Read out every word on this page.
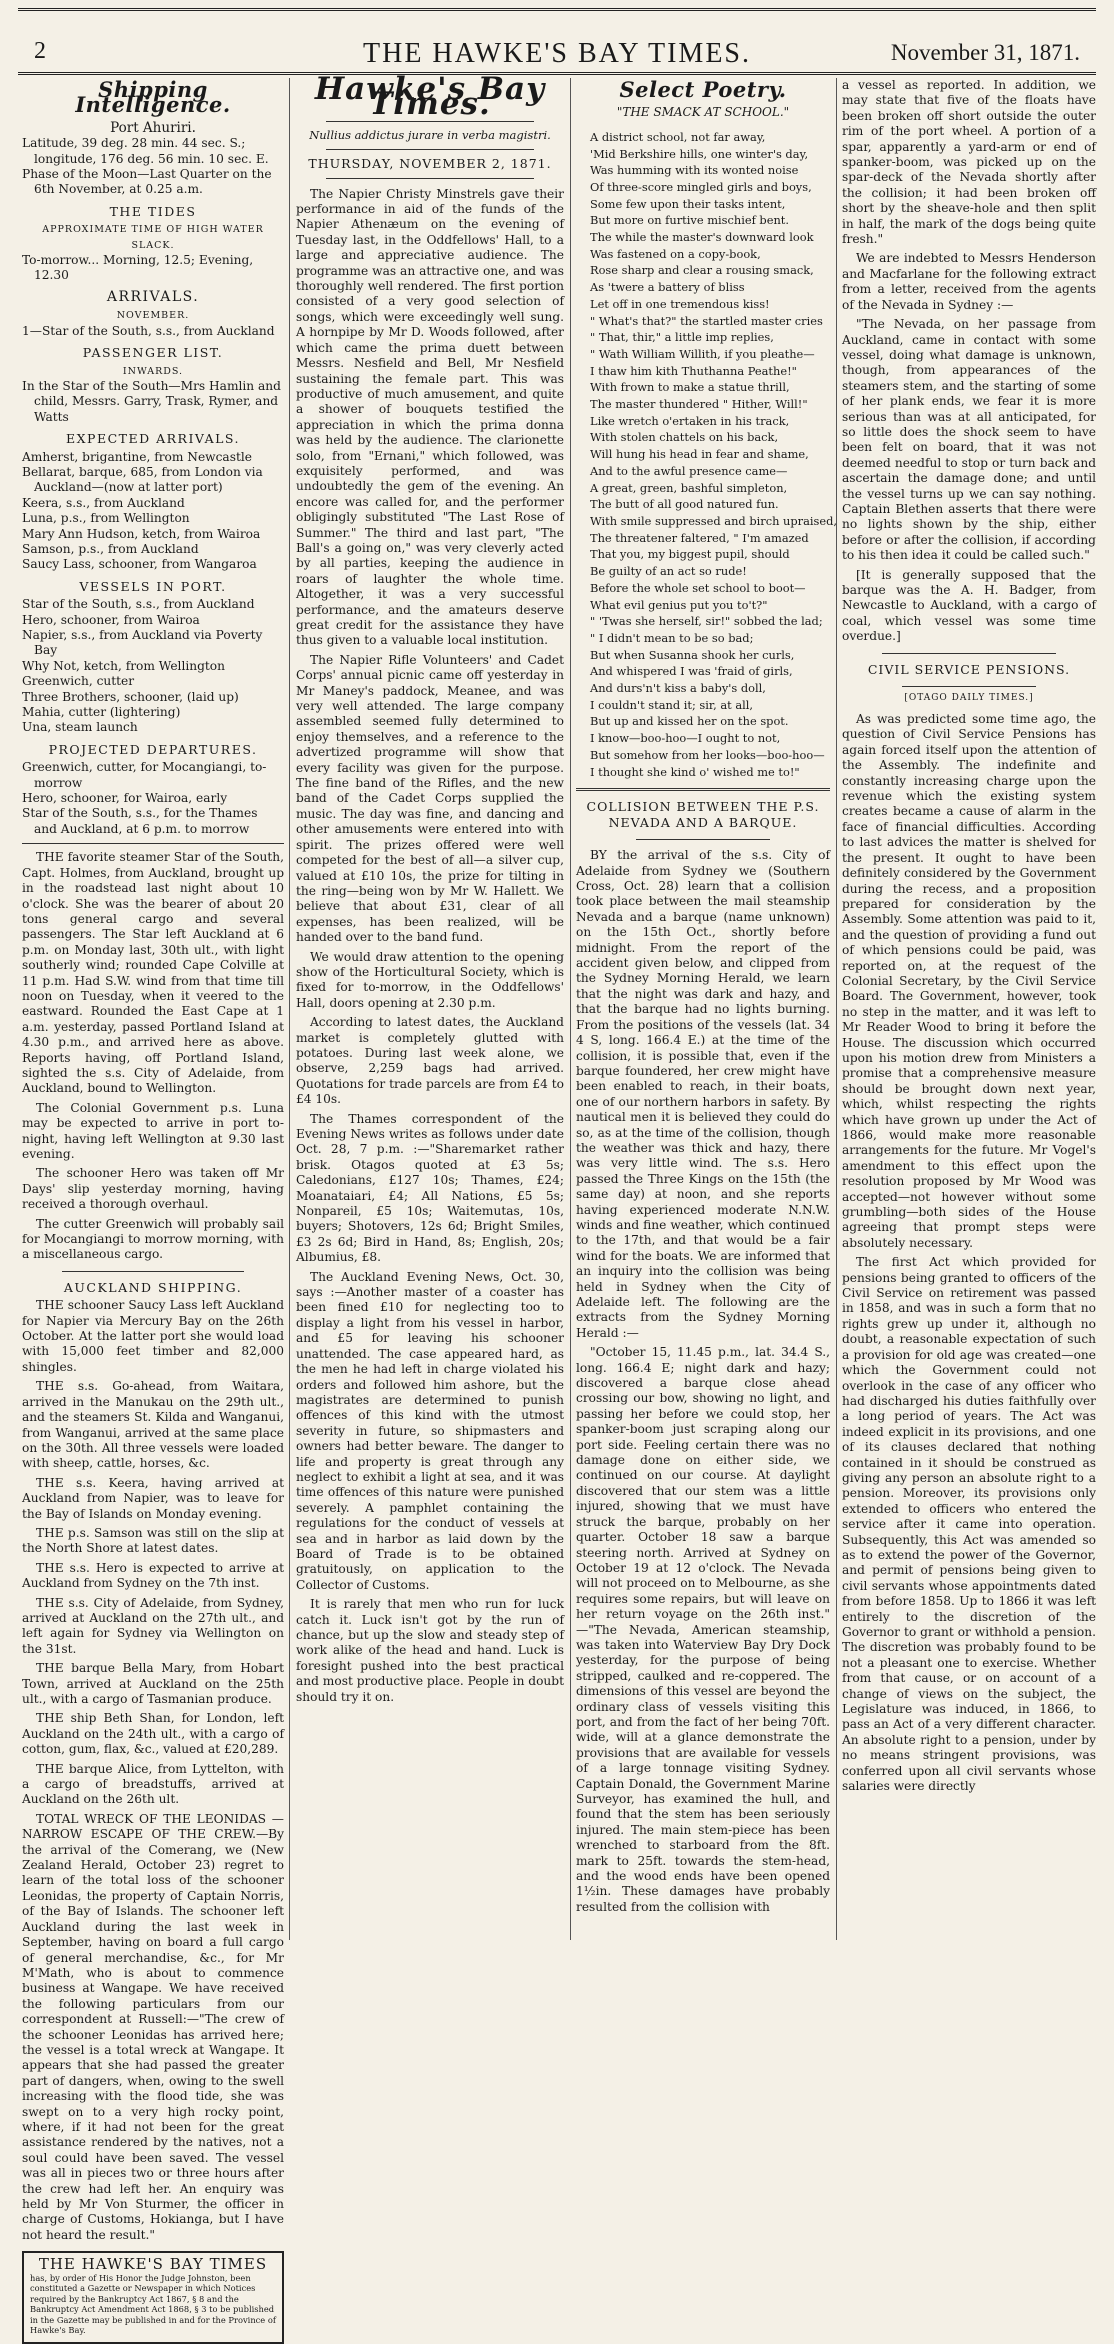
2	THE HAWKE'S BAY TIMES.	November 31, 1871.
Shipping Intelligence.
Port Ahuriri.

Latitude, 39 deg. 28 min. 44 sec. S.; longitude, 176 deg. 56 min. 10 sec. E.

Phase of the Moon—Last Quarter on the 6th November, at 0.25 a.m.

THE TIDES
APPROXIMATE TIME OF HIGH WATER SLACK.

To-morrow... Morning, 12.5; Evening, 12.30

ARRIVALS.
NOVEMBER.

1—Star of the South, s.s., from Auckland

PASSENGER LIST.
INWARDS.

In the Star of the South—Mrs Hamlin and child, Messrs. Garry, Trask, Rymer, and Watts

EXPECTED ARRIVALS.

Amherst, brigantine, from Newcastle

Bellarat, barque, 685, from London via Auckland—(now at latter port)

Keera, s.s., from Auckland

Luna, p.s., from Wellington

Mary Ann Hudson, ketch, from Wairoa

Samson, p.s., from Auckland

Saucy Lass, schooner, from Wangaroa

VESSELS IN PORT.

Star of the South, s.s., from Auckland

Hero, schooner, from Wairoa

Napier, s.s., from Auckland via Poverty Bay

Why Not, ketch, from Wellington

Greenwich, cutter

Three Brothers, schooner, (laid up)

Mahia, cutter (lightering)

Una, steam launch

PROJECTED DEPARTURES.

Greenwich, cutter, for Mocangiangi, to-morrow

Hero, schooner, for Wairoa, early

Star of the South, s.s., for the Thames and Auckland, at 6 p.m. to morrow

THE favorite steamer Star of the South, Capt. Holmes, from Auckland, brought up in the roadstead last night about 10 o'clock. She was the bearer of about 20 tons general cargo and several passengers. The Star left Auckland at 6 p.m. on Monday last, 30th ult., with light southerly wind; rounded Cape Colville at 11 p.m. Had S.W. wind from that time till noon on Tuesday, when it veered to the eastward. Rounded the East Cape at 1 a.m. yesterday, passed Portland Island at 4.30 p.m., and arrived here as above. Reports having, off Portland Island, sighted the s.s. City of Adelaide, from Auckland, bound to Wellington.

The Colonial Government p.s. Luna may be expected to arrive in port to-night, having left Wellington at 9.30 last evening.

The schooner Hero was taken off Mr Days' slip yesterday morning, having received a thorough overhaul.

The cutter Greenwich will probably sail for Mocangiangi to morrow morning, with a miscellaneous cargo.

AUCKLAND SHIPPING.

THE schooner Saucy Lass left Auckland for Napier via Mercury Bay on the 26th October. At the latter port she would load with 15,000 feet timber and 82,000 shingles.

THE s.s. Go-ahead, from Waitara, arrived in the Manukau on the 29th ult., and the steamers St. Kilda and Wanganui, from Wanganui, arrived at the same place on the 30th. All three vessels were loaded with sheep, cattle, horses, &c.

THE s.s. Keera, having arrived at Auckland from Napier, was to leave for the Bay of Islands on Monday evening.

THE p.s. Samson was still on the slip at the North Shore at latest dates.

THE s.s. Hero is expected to arrive at Auckland from Sydney on the 7th inst.

THE s.s. City of Adelaide, from Sydney, arrived at Auckland on the 27th ult., and left again for Sydney via Wellington on the 31st.

THE barque Bella Mary, from Hobart Town, arrived at Auckland on the 25th ult., with a cargo of Tasmanian produce.

THE ship Beth Shan, for London, left Auckland on the 24th ult., with a cargo of cotton, gum, flax, &c., valued at £20,289.

THE barque Alice, from Lyttelton, with a cargo of breadstuffs, arrived at Auckland on the 26th ult.

TOTAL WRECK OF THE LEONIDAS — NARROW ESCAPE OF THE CREW.—By the arrival of the Comerang, we (New Zealand Herald, October 23) regret to learn of the total loss of the schooner Leonidas, the property of Captain Norris, of the Bay of Islands. The schooner left Auckland during the last week in September, having on board a full cargo of general merchandise, &c., for Mr M'Math, who is about to commence business at Wangape. We have received the following particulars from our correspondent at Russell:—"The crew of the schooner Leonidas has arrived here; the vessel is a total wreck at Wangape. It appears that she had passed the greater part of dangers, when, owing to the swell increasing with the flood tide, she was swept on to a very high rocky point, where, if it had not been for the great assistance rendered by the natives, not a soul could have been saved. The vessel was all in pieces two or three hours after the crew had left her. An enquiry was held by Mr Von Sturmer, the officer in charge of Customs, Hokianga, but I have not heard the result."

THE HAWKE'S BAY TIMES
has, by order of His Honor the Judge Johnston, been constituted a Gazette or Newspaper in which Notices required by the Bankruptcy Act 1867, § 8 and the Bankruptcy Act Amendment Act 1868, § 3 to be published in the Gazette may be published in and for the Province of Hawke's Bay.
Hawke's Bay Times.
Nullius addictus jurare in verba magistri.
THURSDAY, NOVEMBER 2, 1871.

The Napier Christy Minstrels gave their performance in aid of the funds of the Napier Athenæum on the evening of Tuesday last, in the Oddfellows' Hall, to a large and appreciative audience. The programme was an attractive one, and was thoroughly well rendered. The first portion consisted of a very good selection of songs, which were exceedingly well sung. A hornpipe by Mr D. Woods followed, after which came the prima duett between Messrs. Nesfield and Bell, Mr Nesfield sustaining the female part. This was productive of much amusement, and quite a shower of bouquets testified the appreciation in which the prima donna was held by the audience. The clarionette solo, from "Ernani," which followed, was exquisitely performed, and was undoubtedly the gem of the evening. An encore was called for, and the performer obligingly substituted "The Last Rose of Summer." The third and last part, "The Ball's a going on," was very cleverly acted by all parties, keeping the audience in roars of laughter the whole time. Altogether, it was a very successful performance, and the amateurs deserve great credit for the assistance they have thus given to a valuable local institution.

The Napier Rifle Volunteers' and Cadet Corps' annual picnic came off yesterday in Mr Maney's paddock, Meanee, and was very well attended. The large company assembled seemed fully determined to enjoy themselves, and a reference to the advertized programme will show that every facility was given for the purpose. The fine band of the Rifles, and the new band of the Cadet Corps supplied the music. The day was fine, and dancing and other amusements were entered into with spirit. The prizes offered were well competed for the best of all—a silver cup, valued at £10 10s, the prize for tilting in the ring—being won by Mr W. Hallett. We believe that about £31, clear of all expenses, has been realized, will be handed over to the band fund.

We would draw attention to the opening show of the Horticultural Society, which is fixed for to-morrow, in the Oddfellows' Hall, doors opening at 2.30 p.m.

According to latest dates, the Auckland market is completely glutted with potatoes. During last week alone, we observe, 2,259 bags had arrived. Quotations for trade parcels are from £4 to £4 10s.

The Thames correspondent of the Evening News writes as follows under date Oct. 28, 7 p.m. :—"Sharemarket rather brisk. Otagos quoted at £3 5s; Caledonians, £127 10s; Thames, £24; Moanataiari, £4; All Nations, £5 5s; Nonpareil, £5 10s; Waitemutas, 10s, buyers; Shotovers, 12s 6d; Bright Smiles, £3 2s 6d; Bird in Hand, 8s; English, 20s; Albumius, £8.

The Auckland Evening News, Oct. 30, says :—Another master of a coaster has been fined £10 for neglecting too to display a light from his vessel in harbor, and £5 for leaving his schooner unattended. The case appeared hard, as the men he had left in charge violated his orders and followed him ashore, but the magistrates are determined to punish offences of this kind with the utmost severity in future, so shipmasters and owners had better beware. The danger to life and property is great through any neglect to exhibit a light at sea, and it was time offences of this nature were punished severely. A pamphlet containing the regulations for the conduct of vessels at sea and in harbor as laid down by the Board of Trade is to be obtained gratuitously, on application to the Collector of Customs.

It is rarely that men who run for luck catch it. Luck isn't got by the run of chance, but up the slow and steady step of work alike of the head and hand. Luck is foresight pushed into the best practical and most productive place. People in doubt should try it on.

Select Poetry.
"THE SMACK AT SCHOOL."
A district school, not far away,
'Mid Berkshire hills, one winter's day,
Was humming with its wonted noise
Of three-score mingled girls and boys,
Some few upon their tasks intent,
But more on furtive mischief bent.
The while the master's downward look
Was fastened on a copy-book,
Rose sharp and clear a rousing smack,
As 'twere a battery of bliss
Let off in one tremendous kiss!
" What's that?" the startled master cries
" That, thir," a little imp replies,
" Wath William Willith, if you pleathe—
I thaw him kith Thuthanna Peathe!"
With frown to make a statue thrill,
The master thundered " Hither, Will!"
Like wretch o'ertaken in his track,
With stolen chattels on his back,
Will hung his head in fear and shame,
And to the awful presence came—
A great, green, bashful simpleton,
The butt of all good natured fun.
With smile suppressed and birch upraised,
The threatener faltered, " I'm amazed
That you, my biggest pupil, should
Be guilty of an act so rude!
Before the whole set school to boot—
What evil genius put you to't?"
" 'Twas she herself, sir!" sobbed the lad;
" I didn't mean to be so bad;
But when Susanna shook her curls,
And whispered I was 'fraid of girls,
And durs'n't kiss a baby's doll,
I couldn't stand it; sir, at all,
But up and kissed her on the spot.
I know—boo-hoo—I ought to not,
But somehow from her looks—boo-hoo—
I thought she kind o' wished me to!"
COLLISION BETWEEN THE P.S. NEVADA AND A BARQUE.

BY the arrival of the s.s. City of Adelaide from Sydney we (Southern Cross, Oct. 28) learn that a collision took place between the mail steamship Nevada and a barque (name unknown) on the 15th Oct., shortly before midnight. From the report of the accident given below, and clipped from the Sydney Morning Herald, we learn that the night was dark and hazy, and that the barque had no lights burning. From the positions of the vessels (lat. 34 4 S, long. 166.4 E.) at the time of the collision, it is possible that, even if the barque foundered, her crew might have been enabled to reach, in their boats, one of our northern harbors in safety. By nautical men it is believed they could do so, as at the time of the collision, though the weather was thick and hazy, there was very little wind. The s.s. Hero passed the Three Kings on the 15th (the same day) at noon, and she reports having experienced moderate N.N.W. winds and fine weather, which continued to the 17th, and that would be a fair wind for the boats. We are informed that an inquiry into the collision was being held in Sydney when the City of Adelaide left. The following are the extracts from the Sydney Morning Herald :—

"October 15, 11.45 p.m., lat. 34.4 S., long. 166.4 E; night dark and hazy; discovered a barque close ahead crossing our bow, showing no light, and passing her before we could stop, her spanker-boom just scraping along our port side. Feeling certain there was no damage done on either side, we continued on our course. At daylight discovered that our stem was a little injured, showing that we must have struck the barque, probably on her quarter. October 18 saw a barque steering north. Arrived at Sydney on October 19 at 12 o'clock. The Nevada will not proceed on to Melbourne, as she requires some repairs, but will leave on her return voyage on the 26th inst." —"The Nevada, American steamship, was taken into Waterview Bay Dry Dock yesterday, for the purpose of being stripped, caulked and re-coppered. The dimensions of this vessel are beyond the ordinary class of vessels visiting this port, and from the fact of her being 70ft. wide, will at a glance demonstrate the provisions that are available for vessels of a large tonnage visiting Sydney. Captain Donald, the Government Marine Surveyor, has examined the hull, and found that the stem has been seriously injured. The main stem-piece has been wrenched to starboard from the 8ft. mark to 25ft. towards the stem-head, and the wood ends have been opened 1½in. These damages have probably resulted from the collision with

a vessel as reported. In addition, we may state that five of the floats have been broken off short outside the outer rim of the port wheel. A portion of a spar, apparently a yard-arm or end of spanker-boom, was picked up on the spar-deck of the Nevada shortly after the collision; it had been broken off short by the sheave-hole and then split in half, the mark of the dogs being quite fresh."

We are indebted to Messrs Henderson and Macfarlane for the following extract from a letter, received from the agents of the Nevada in Sydney :—

"The Nevada, on her passage from Auckland, came in contact with some vessel, doing what damage is unknown, though, from appearances of the steamers stem, and the starting of some of her plank ends, we fear it is more serious than was at all anticipated, for so little does the shock seem to have been felt on board, that it was not deemed needful to stop or turn back and ascertain the damage done; and until the vessel turns up we can say nothing. Captain Blethen asserts that there were no lights shown by the ship, either before or after the collision, if according to his then idea it could be called such."

[It is generally supposed that the barque was the A. H. Badger, from Newcastle to Auckland, with a cargo of coal, which vessel was some time overdue.]

CIVIL SERVICE PENSIONS.
[OTAGO DAILY TIMES.]

As was predicted some time ago, the question of Civil Service Pensions has again forced itself upon the attention of the Assembly. The indefinite and constantly increasing charge upon the revenue which the existing system creates became a cause of alarm in the face of financial difficulties. According to last advices the matter is shelved for the present. It ought to have been definitely considered by the Government during the recess, and a proposition prepared for consideration by the Assembly. Some attention was paid to it, and the question of providing a fund out of which pensions could be paid, was reported on, at the request of the Colonial Secretary, by the Civil Service Board. The Government, however, took no step in the matter, and it was left to Mr Reader Wood to bring it before the House. The discussion which occurred upon his motion drew from Ministers a promise that a comprehensive measure should be brought down next year, which, whilst respecting the rights which have grown up under the Act of 1866, would make more reasonable arrangements for the future. Mr Vogel's amendment to this effect upon the resolution proposed by Mr Wood was accepted—not however without some grumbling—both sides of the House agreeing that prompt steps were absolutely necessary.

The first Act which provided for pensions being granted to officers of the Civil Service on retirement was passed in 1858, and was in such a form that no rights grew up under it, although no doubt, a reasonable expectation of such a provision for old age was created—one which the Government could not overlook in the case of any officer who had discharged his duties faithfully over a long period of years. The Act was indeed explicit in its provisions, and one of its clauses declared that nothing contained in it should be construed as giving any person an absolute right to a pension. Moreover, its provisions only extended to officers who entered the service after it came into operation. Subsequently, this Act was amended so as to extend the power of the Governor, and permit of pensions being given to civil servants whose appointments dated from before 1858. Up to 1866 it was left entirely to the discretion of the Governor to grant or withhold a pension. The discretion was probably found to be not a pleasant one to exercise. Whether from that cause, or on account of a change of views on the subject, the Legislature was induced, in 1866, to pass an Act of a very different character. An absolute right to a pension, under by no means stringent provisions, was conferred upon all civil servants whose salaries were directly
